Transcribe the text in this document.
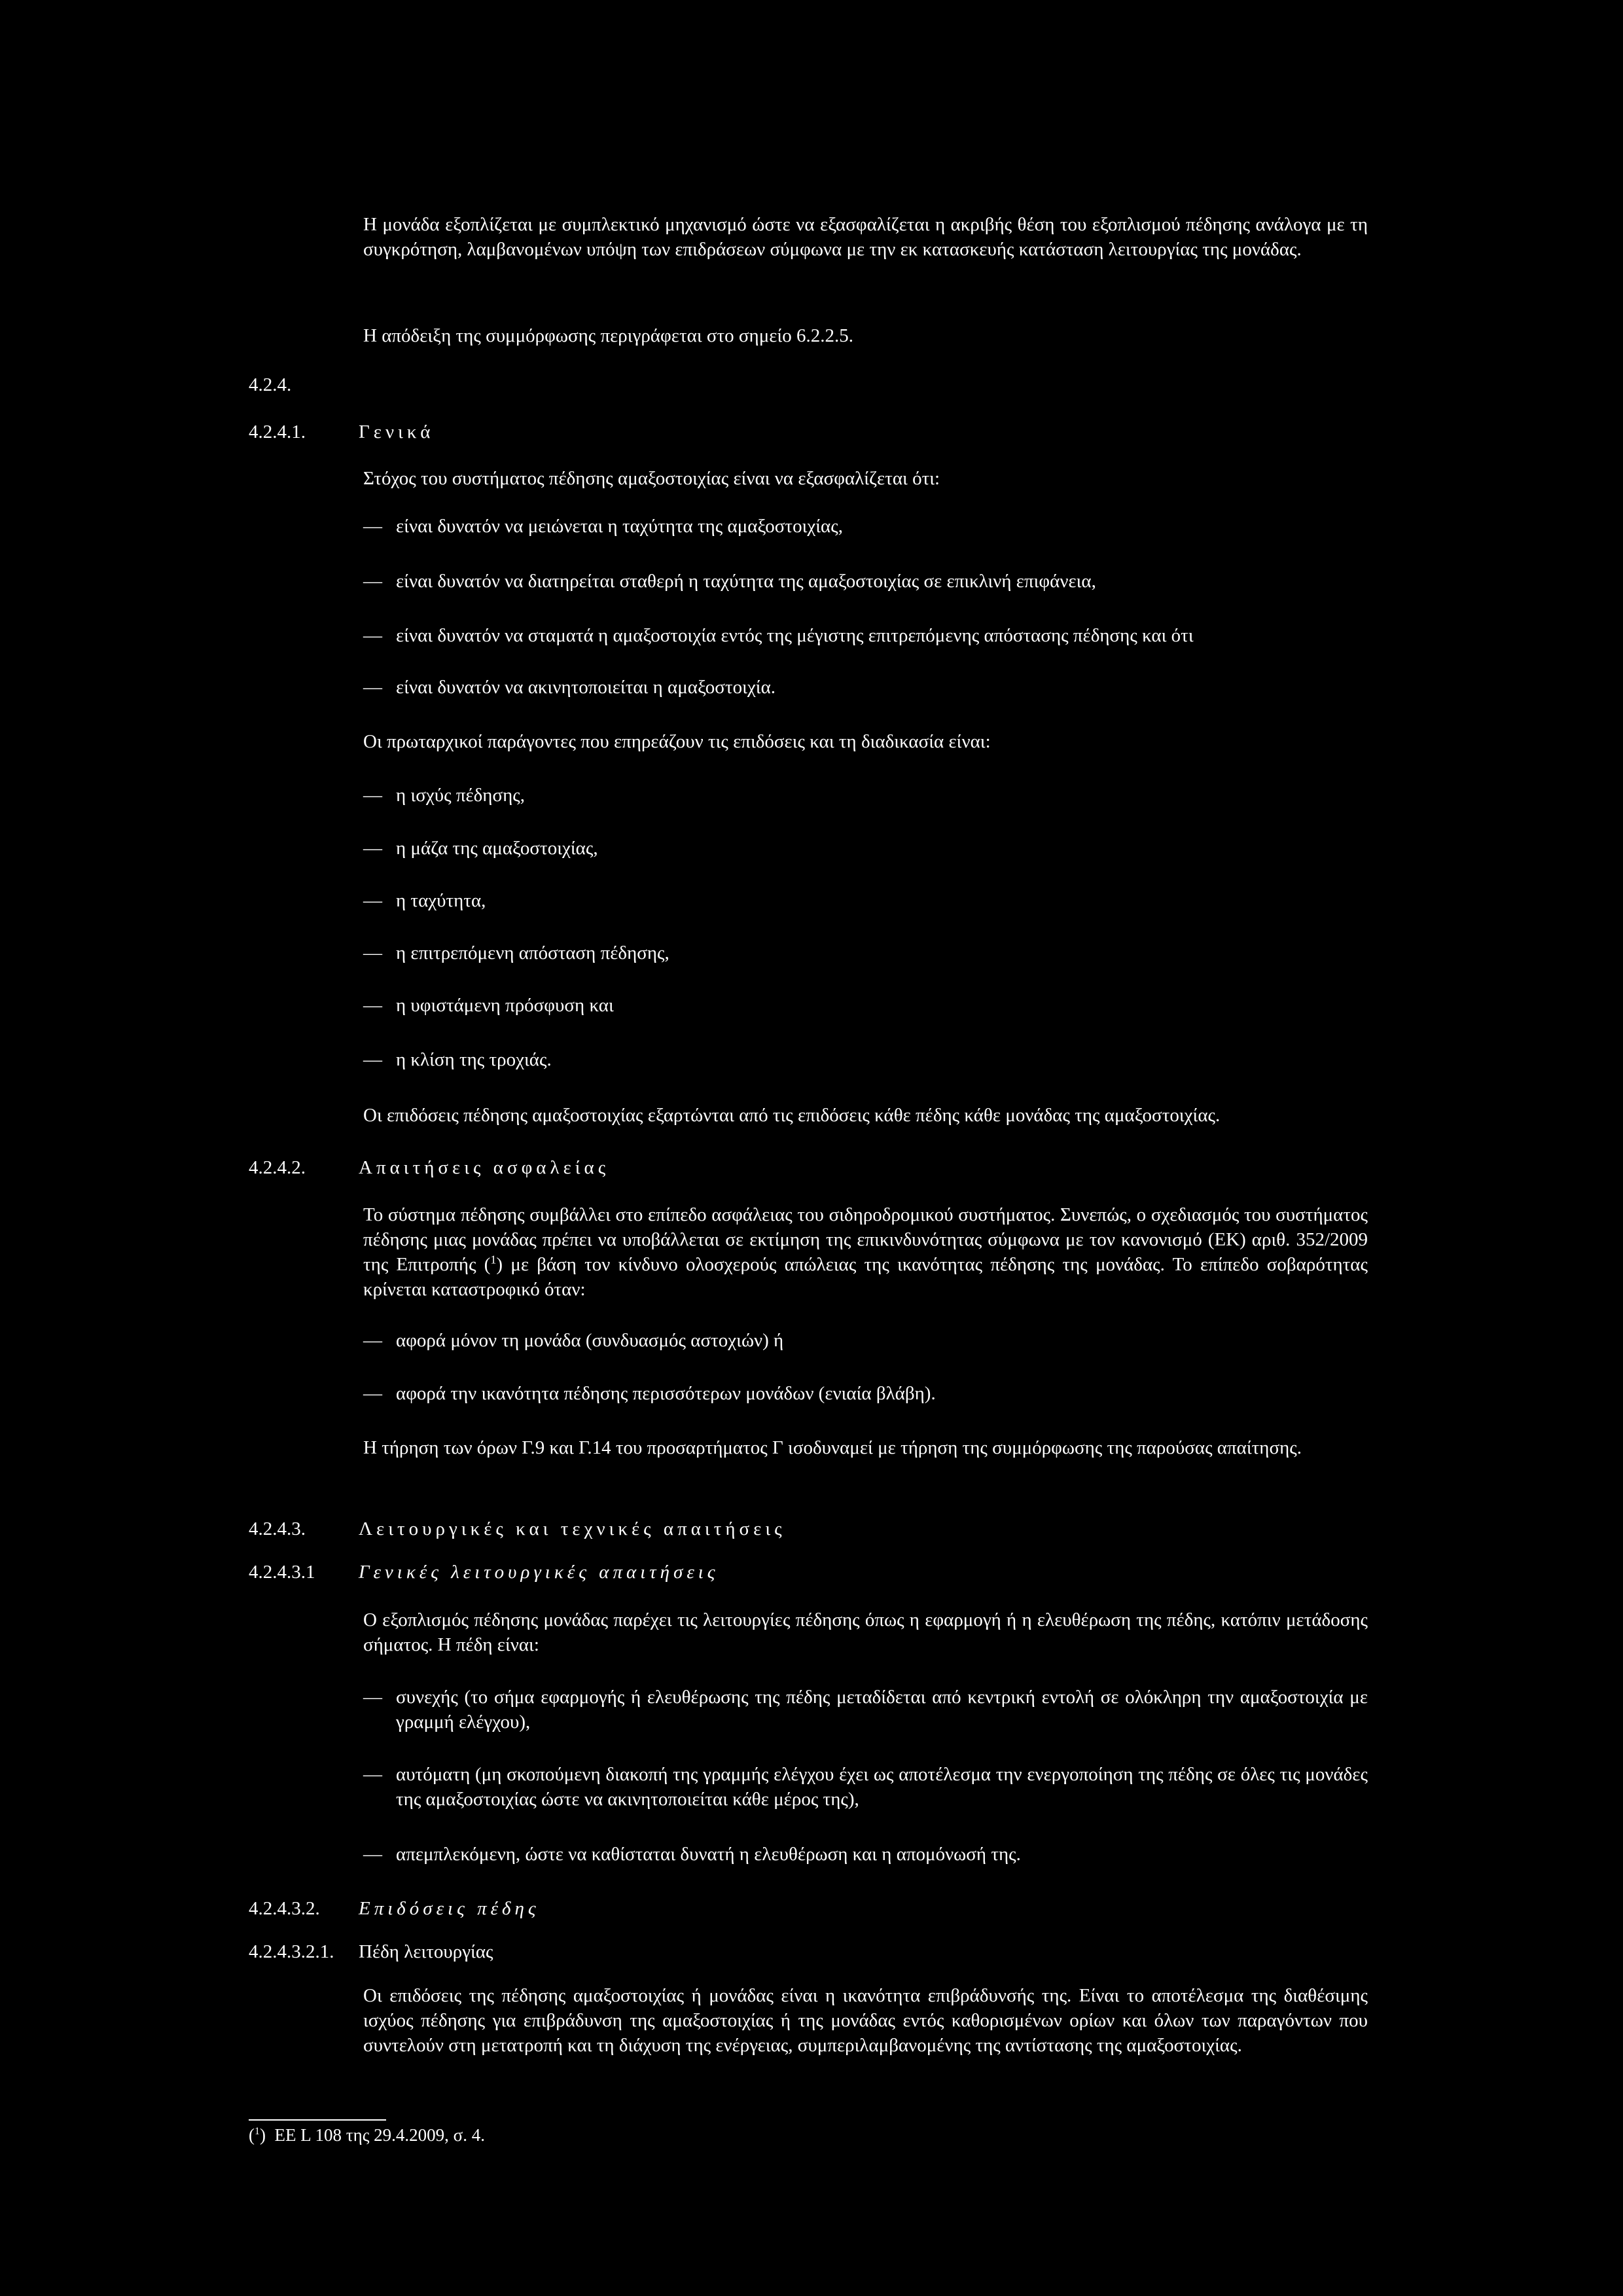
Η μονάδα εξοπλίζεται με συμπλεκτικό μηχανισμό ώστε να εξασφαλίζεται η ακριβής θέση του εξοπλισμού πέδησης ανάλογα με τη συγκρότηση, λαμβανομένων υπόψη των επιδράσεων σύμφωνα με την εκ κατασκευής κατάσταση λειτουργίας της μονάδας.
Η απόδειξη της συμμόρφωσης περιγράφεται στο σημείο 6.2.2.5.
4.2.4.
4.2.4.1.	Γενικά
Στόχος του συστήματος πέδησης αμαξοστοιχίας είναι να εξασφαλίζεται ότι:
— είναι δυνατόν να μειώνεται η ταχύτητα της αμαξοστοιχίας,
— είναι δυνατόν να διατηρείται σταθερή η ταχύτητα της αμαξοστοιχίας σε επικλινή επιφάνεια,
— είναι δυνατόν να σταματά η αμαξοστοιχία εντός της μέγιστης επιτρεπόμενης απόστασης πέδησης και ότι
— είναι δυνατόν να ακινητοποιείται η αμαξοστοιχία.
Οι πρωταρχικοί παράγοντες που επηρεάζουν τις επιδόσεις και τη διαδικασία είναι:
— η ισχύς πέδησης,
— η μάζα της αμαξοστοιχίας,
— η ταχύτητα,
— η επιτρεπόμενη απόσταση πέδησης,
— η υφιστάμενη πρόσφυση και
— η κλίση της τροχιάς.
Οι επιδόσεις πέδησης αμαξοστοιχίας εξαρτώνται από τις επιδόσεις κάθε πέδης κάθε μονάδας της αμαξοστοιχίας.
4.2.4.2.	Απαιτήσεις ασφαλείας
Το σύστημα πέδησης συμβάλλει στο επίπεδο ασφάλειας του σιδηροδρομικού συστήματος. Συνεπώς, ο σχεδιασμός του συστήματος πέδησης μιας μονάδας πρέπει να υποβάλλεται σε εκτίμηση της επικινδυνότητας σύμφωνα με τον κανονισμό (ΕΚ) αριθ. 352/2009 της Επιτροπής ($^1$) με βάση τον κίνδυνο ολοσχερούς απώλειας της ικανότητας πέδησης της μονάδας. Το επίπεδο σοβαρότητας κρίνεται καταστροφικό όταν:
— αφορά μόνον τη μονάδα (συνδυασμός αστοχιών) ή
— αφορά την ικανότητα πέδησης περισσότερων μονάδων (ενιαία βλάβη).
Η τήρηση των όρων Γ.9 και Γ.14 του προσαρτήματος Γ ισοδυναμεί με τήρηση της συμμόρφωσης της παρούσας απαίτησης.
4.2.4.3.	Λειτουργικές και τεχνικές απαιτήσεις
4.2.4.3.1 Γενικές λειτουργικές απαιτήσεις
Ο εξοπλισμός πέδησης μονάδας παρέχει τις λειτουργίες πέδησης όπως η εφαρμογή ή η ελευθέρωση της πέδης, κατόπιν μετάδοσης σήματος. Η πέδη είναι:
— συνεχής (το σήμα εφαρμογής ή ελευθέρωσης της πέδης μεταδίδεται από κεντρική εντολή σε ολόκληρη την αμαξοστοιχία με γραμμή ελέγχου),
— αυτόματη (μη σκοπούμενη διακοπή της γραμμής ελέγχου έχει ως αποτέλεσμα την ενεργοποίηση της πέδης σε όλες τις μονάδες της αμαξοστοιχίας ώστε να ακινητοποιείται κάθε μέρος της),
— απεμπλεκόμενη, ώστε να καθίσταται δυνατή η ελευθέρωση και η απομόνωσή της.
4.2.4.3.2. Επιδόσεις πέδης
4.2.4.3.2.1. Πέδη λειτουργίας
Οι επιδόσεις της πέδησης αμαξοστοιχίας ή μονάδας είναι η ικανότητα επιβράδυνσής της. Είναι το αποτέλεσμα της διαθέσιμης ισχύος πέδησης για επιβράδυνση της αμαξοστοιχίας ή της μονάδας εντός καθορισμένων ορίων και όλων των παραγόντων που συντελούν στη μετατροπή και τη διάχυση της ενέργειας, συμπεριλαμβανομένης της αντίστασης της αμαξοστοιχίας.
($^1$)  ΕΕ L 108 της 29.4.2009, σ. 4.
